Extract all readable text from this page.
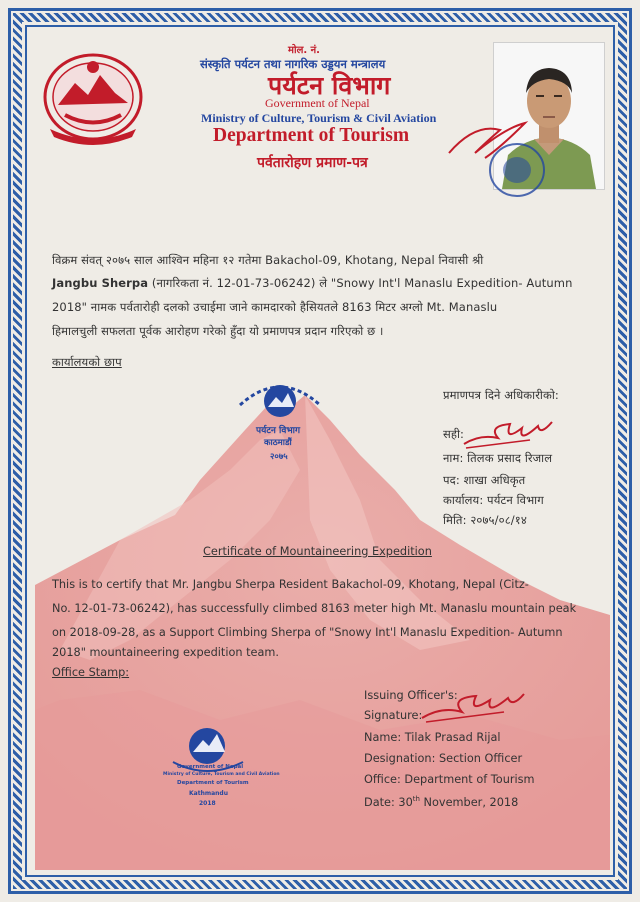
मोल. नं.
संस्कृति पर्यटन तथा नागरिक उड्डयन मन्त्रालय
पर्यटन विभाग
Government of Nepal
Ministry of Culture, Tourism & Civil Aviation
Department of Tourism
पर्वतारोहण प्रमाण-पत्र
विक्रम संवत् २०७५ साल आश्विन महिना १२ गतेमा Bakachol-09, Khotang, Nepal निवासी श्री
Jangbu Sherpa (नागरिकता नं. 12-01-73-06242) ले "Snowy Int'l Manaslu Expedition- Autumn
2018" नामक पर्वतारोही दलको उचाईमा जाने कामदारको हैसियतले 8163 मिटर अग्लो Mt. Manaslu
हिमालचुली सफलता पूर्वक आरोहण गरेको हुँदा यो प्रमाणपत्र प्रदान गरिएको छ ।
कार्यालयको छाप
पर्यटन विभाग
काठमाडौं
२०७५
प्रमाणपत्र दिने अधिकारीको:
सही:
नाम: तिलक प्रसाद रिजाल
पद: शाखा अधिकृत
कार्यालय: पर्यटन विभाग
मिति: २०७५/०८/१४
Certificate of Mountaineering Expedition
This is to certify that Mr. Jangbu Sherpa Resident Bakachol-09, Khotang, Nepal (Citz-
No. 12-01-73-06242), has successfully climbed 8163 meter high Mt. Manaslu mountain peak
on 2018-09-28, as a Support Climbing Sherpa of "Snowy Int'l Manaslu Expedition- Autumn
2018" mountaineering expedition team.
Office Stamp:
Issuing Officer's:
Signature:
Name: Tilak Prasad Rijal
Designation: Section Officer
Office: Department of Tourism
Date: 30th November, 2018
Government of Nepal
Ministry of Culture, Tourism and Civil Aviation
Department of Tourism
Kathmandu
2018
